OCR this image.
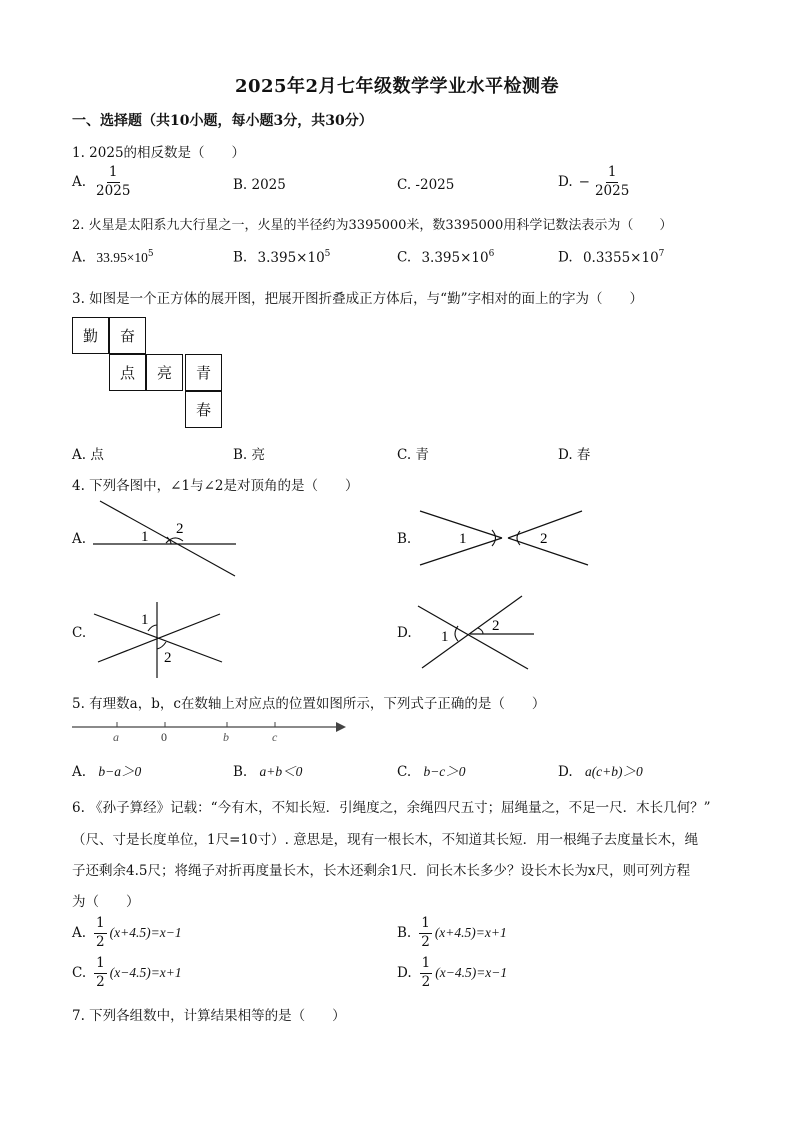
2025年2月七年级数学学业水平检测卷
一、选择题（共10小题，每小题3分，共30分）
1. 2025的相反数是（　　）
A. $\frac{1}{2025}$	B. 2025	C. -2025	D. − $\frac{1}{2025}$
2. 火星是太阳系九大行星之一，火星的半径约为3395000米，数3395000用科学记数法表示为（　　）
A. $33.95\times 10^5$	B. $3.395\times 10^5$	C. $3.395\times 10^6$	D. $0.3355\times 10^7$
3. 如图是一个正方体的展开图，把展开图折叠成正方体后，与“勤”字相对的面上的字为（　　）
勤	奋
点	亮	青
春
A. 点	B. 亮	C. 青	D. 春
4. 下列各图中，∠1与∠2是对顶角的是（　　）
A.	1 2
B.	1	2
C.
1
2
D. 1
2
5. 有理数a，b，c在数轴上对应点的位置如图所示，下列式子正确的是（　　）
a	0	b	c
A. b−a＞0	B. a+b＜0	C. b−c＞0	D. a(c+b)＞0
6. 《孙子算经》记载：“今有木，不知长短．引绳度之，余绳四尺五寸；屈绳量之，不足一尺．木长几何？”
（尺、寸是长度单位，1尺=10寸）. 意思是，现有一根长木，不知道其长短．用一根绳子去度量长木，绳
子还剩余4.5尺；将绳子对折再度量长木，长木还剩余1尺．问长木长多少？设长木长为x尺，则可列方程
为（　　）
A. $\frac{1}{2} (x+4.5)=x-1$	B. $\frac{1}{2} (x+4.5)=x+1$
C. $\frac{1}{2} (x-4.5)=x+1$	D. $\frac{1}{2} (x-4.5)=x-1$
7. 下列各组数中，计算结果相等的是（　　）
